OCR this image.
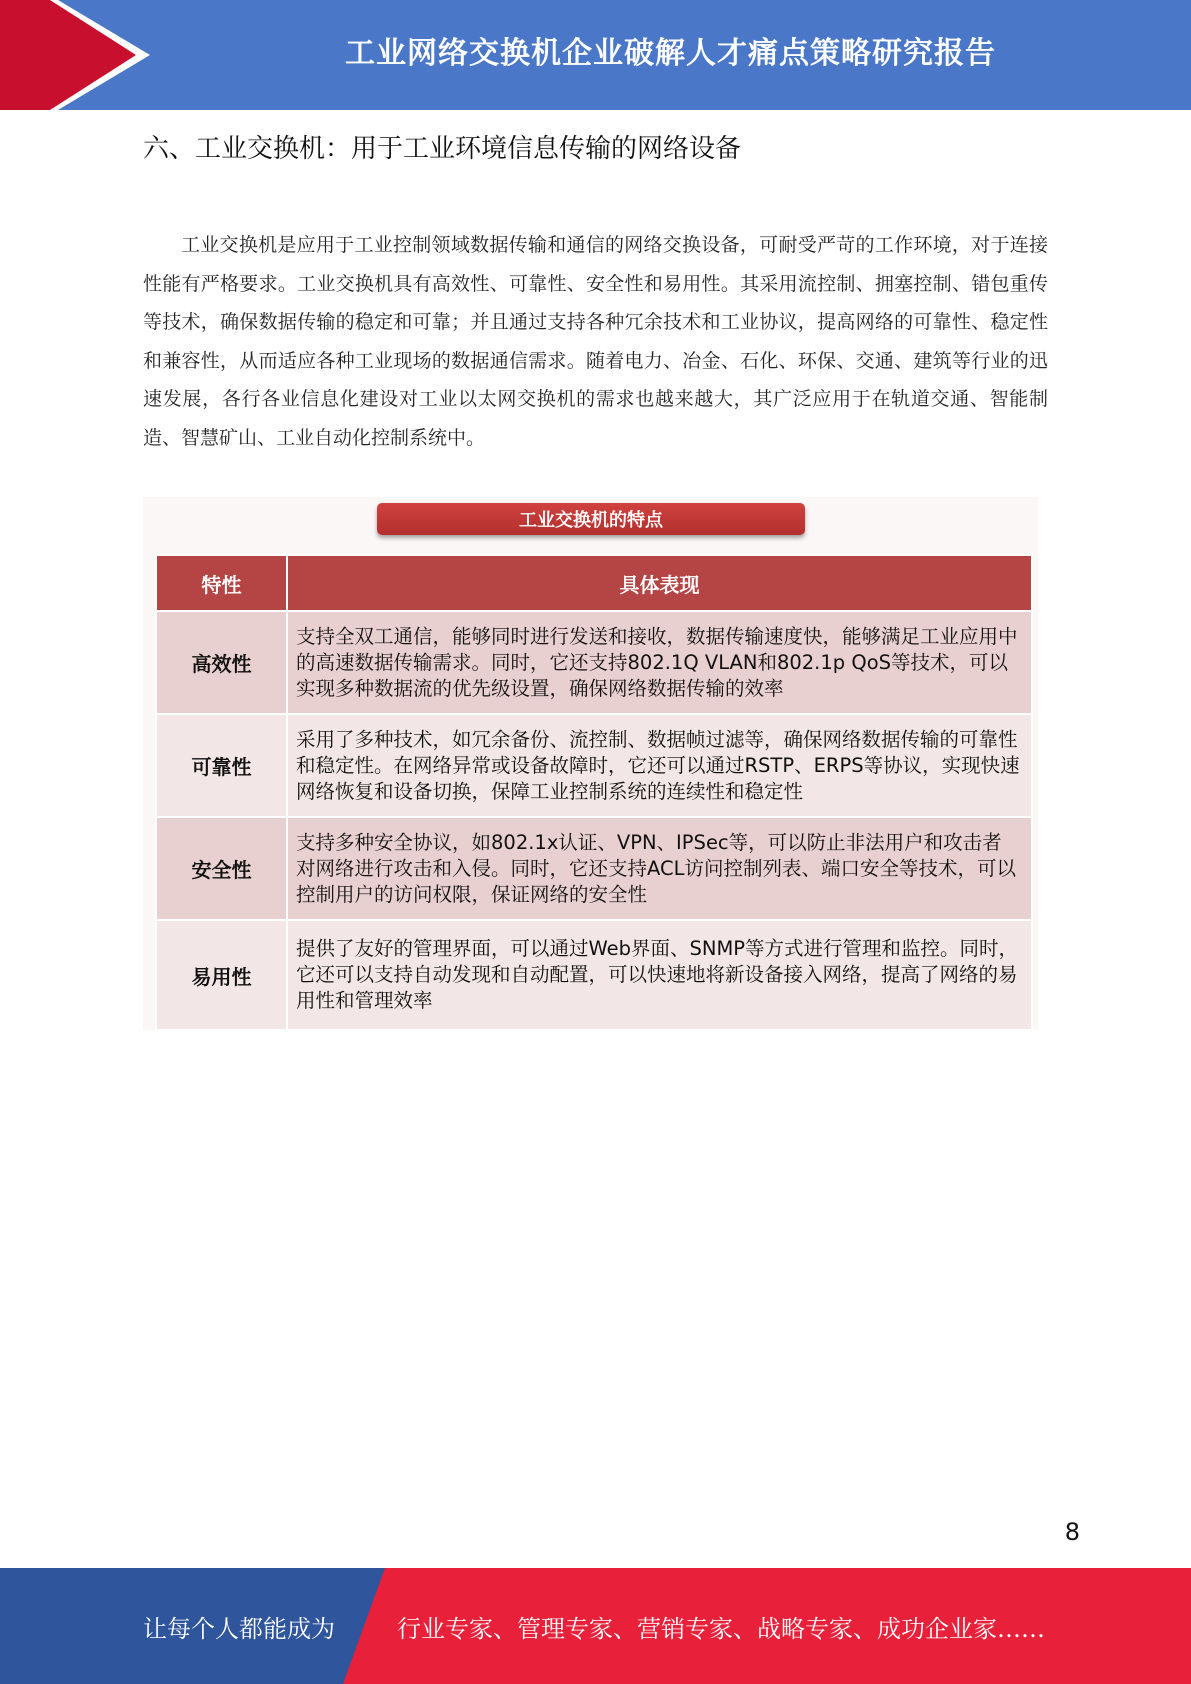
工业网络交换机企业破解人才痛点策略研究报告
六、工业交换机：用于工业环境信息传输的网络设备

工业交换机是应用于工业控制领域数据传输和通信的网络交换设备，可耐受严苛的工作环境，对于连接性能有严格要求。工业交换机具有高效性、可靠性、安全性和易用性。其采用流控制、拥塞控制、错包重传等技术，确保数据传输的稳定和可靠；并且通过支持各种冗余技术和工业协议，提高网络的可靠性、稳定性和兼容性，从而适应各种工业现场的数据通信需求。随着电力、冶金、石化、环保、交通、建筑等行业的迅速发展，各行各业信息化建设对工业以太网交换机的需求也越来越大，其广泛应用于在轨道交通、智能制造、智慧矿山、工业自动化控制系统中。

工业交换机的特点
特性	具体表现
高效性	支持全双工通信，能够同时进行发送和接收，数据传输速度快，能够满足工业应用中的高速数据传输需求。同时，它还支持802.1Q VLAN和802.1p QoS等技术，可以实现多种数据流的优先级设置，确保网络数据传输的效率
可靠性	采用了多种技术，如冗余备份、流控制、数据帧过滤等，确保网络数据传输的可靠性和稳定性。在网络异常或设备故障时，它还可以通过RSTP、ERPS等协议，实现快速网络恢复和设备切换，保障工业控制系统的连续性和稳定性
安全性	支持多种安全协议，如802.1x认证、VPN、IPSec等，可以防止非法用户和攻击者对网络进行攻击和入侵。同时，它还支持ACL访问控制列表、端口安全等技术，可以控制用户的访问权限，保证网络的安全性
易用性	提供了友好的管理界面，可以通过Web界面、SNMP等方式进行管理和监控。同时，它还可以支持自动发现和自动配置，可以快速地将新设备接入网络，提高了网络的易用性和管理效率
8
让每个人都能成为	行业专家、管理专家、营销专家、战略专家、成功企业家……
